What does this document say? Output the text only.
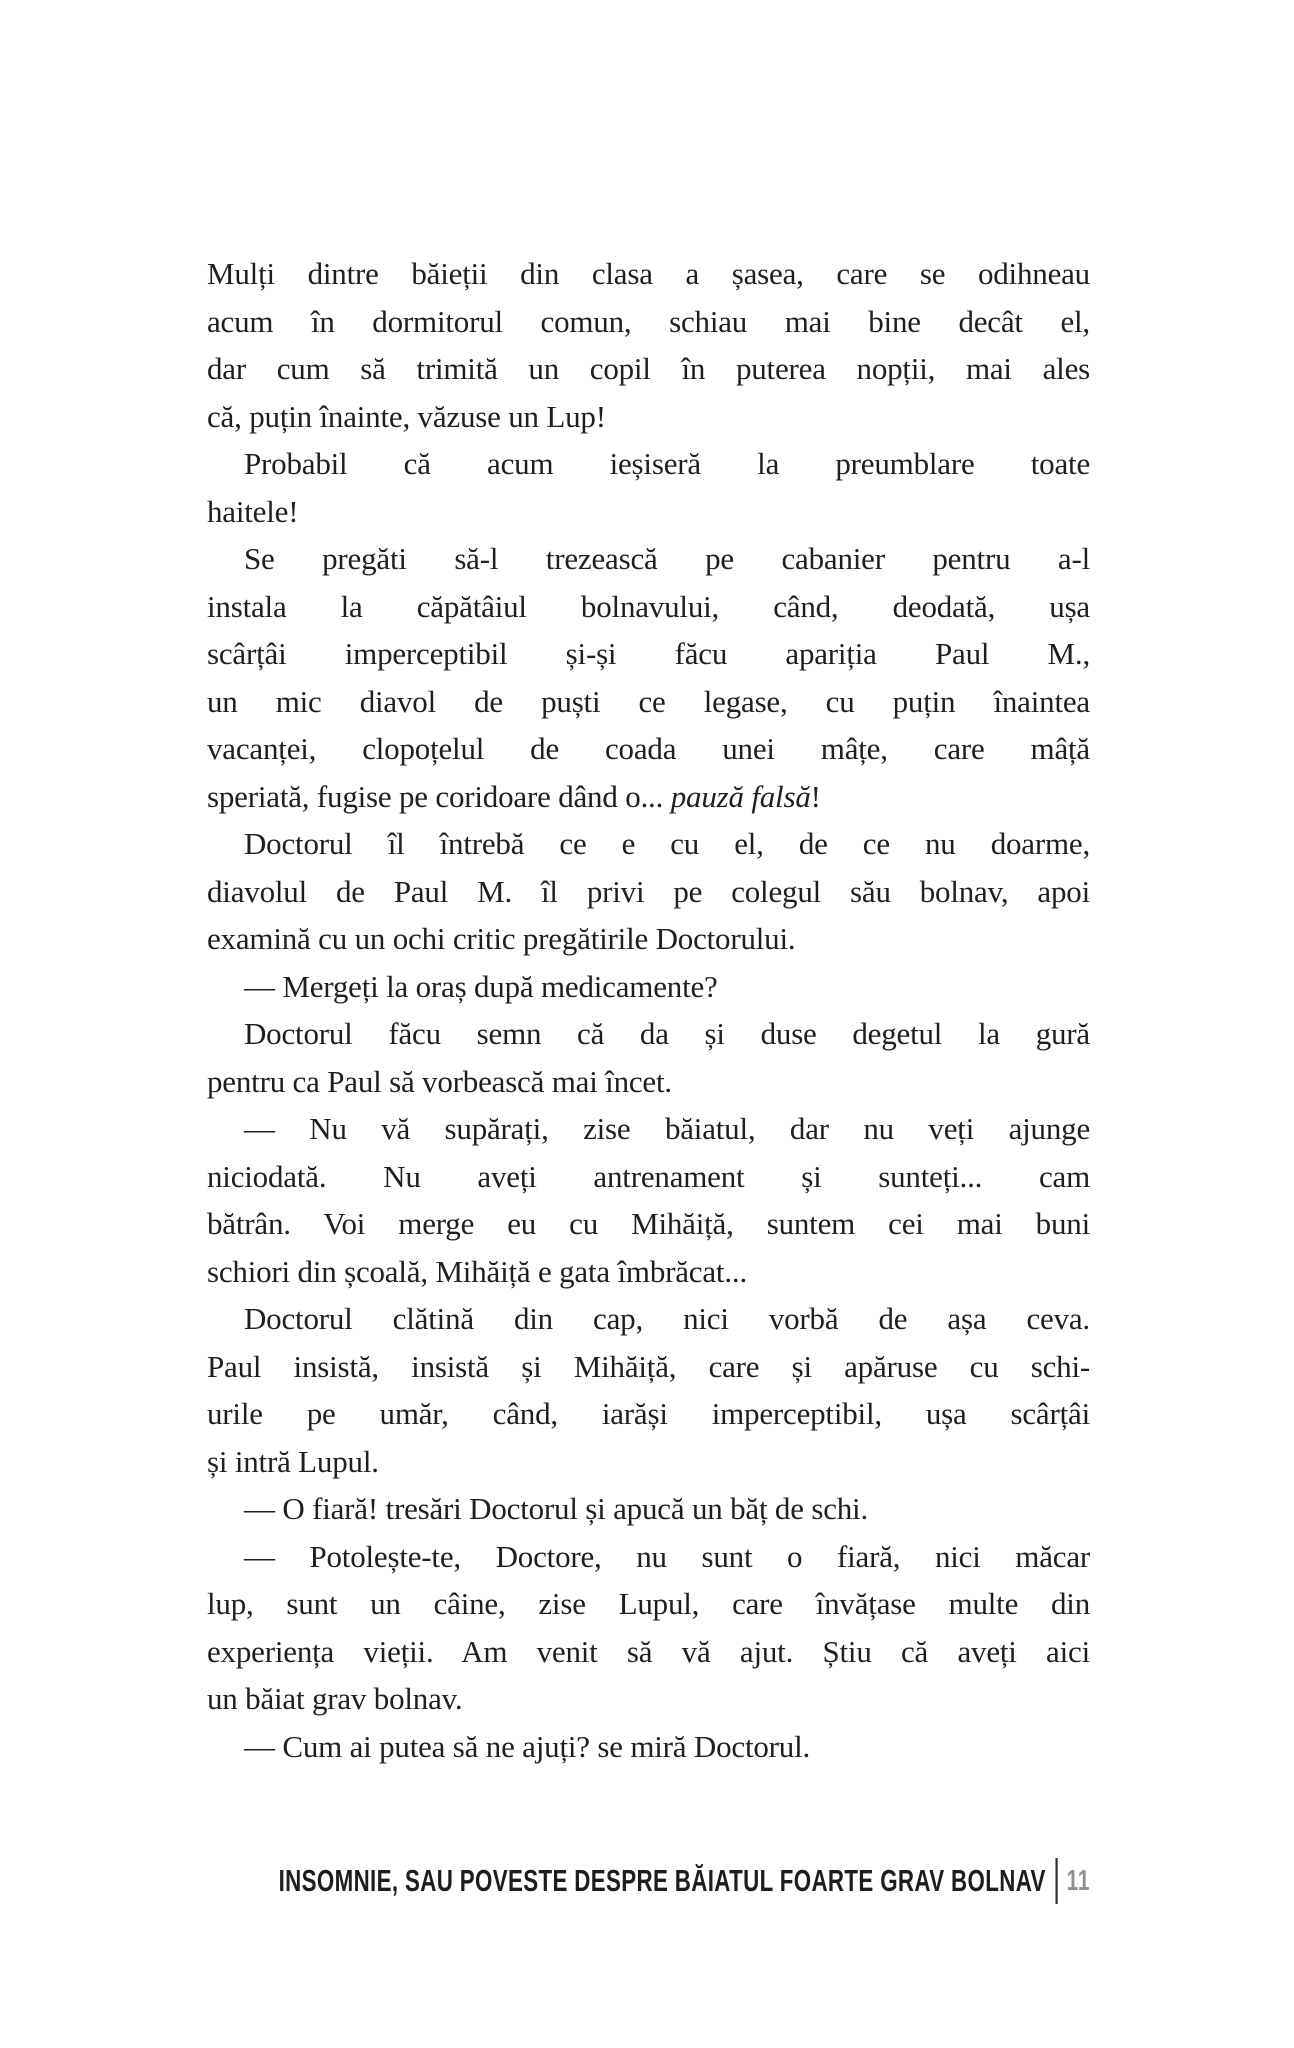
Mulți dintre băieții din clasa a șasea, care se odihneau
acum în dormitorul comun, schiau mai bine decât el,
dar cum să trimită un copil în puterea nopții, mai ales
că, puțin înainte, văzuse un Lup!
Probabil că acum ieșiseră la preumblare toate
haitele!
Se pregăti să-l trezească pe cabanier pentru a-l
instala la căpătâiul bolnavului, când, deodată, ușa
scârțâi imperceptibil și-și făcu apariția Paul M.,
un mic diavol de puști ce legase, cu puțin înaintea
vacanței, clopoțelul de coada unei mâțe, care mâță
speriată, fugise pe coridoare dând o... pauză falsă!
Doctorul îl întrebă ce e cu el, de ce nu doarme,
diavolul de Paul M. îl privi pe colegul său bolnav, apoi
examină cu un ochi critic pregătirile Doctorului.
— Mergeți la oraș după medicamente?
Doctorul făcu semn că da și duse degetul la gură
pentru ca Paul să vorbească mai încet.
— Nu vă supărați, zise băiatul, dar nu veți ajunge
niciodată. Nu aveți antrenament și sunteți... cam
bătrân. Voi merge eu cu Mihăiță, suntem cei mai buni
schiori din școală, Mihăiță e gata îmbrăcat...
Doctorul clătină din cap, nici vorbă de așa ceva.
Paul insistă, insistă și Mihăiță, care și apăruse cu schi-
urile pe umăr, când, iarăși imperceptibil, ușa scârțâi
și intră Lupul.
— O fiară! tresări Doctorul și apucă un băț de schi.
— Potolește-te, Doctore, nu sunt o fiară, nici măcar
lup, sunt un câine, zise Lupul, care învățase multe din
experiența vieții. Am venit să vă ajut. Știu că aveți aici
un băiat grav bolnav.
— Cum ai putea să ne ajuți? se miră Doctorul.
INSOMNIE, SAU POVESTE DESPRE BĂIATUL FOARTE GRAV BOLNAV 11
